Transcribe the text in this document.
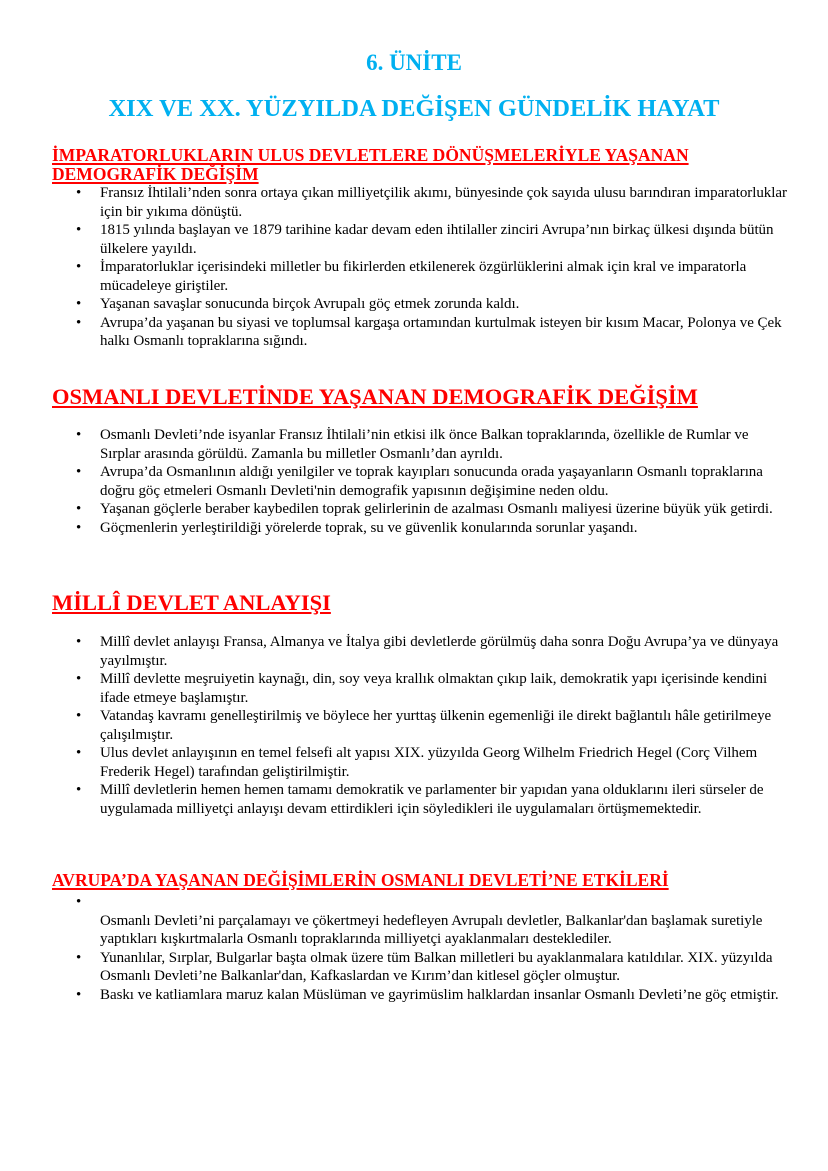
6. ÜNİTE
XIX VE XX. YÜZYILDA DEĞİŞEN GÜNDELİK HAYAT
İMPARATORLUKLARIN ULUS DEVLETLERE DÖNÜŞMELERİYLE YAŞANAN DEMOGRAFİK DEĞİŞİM
• Fransız İhtilali’nden sonra ortaya çıkan milliyetçilik akımı, bünyesinde çok sayıda ulusu barındıran imparatorluklar için bir yıkıma dönüştü.
• 1815 yılında başlayan ve 1879 tarihine kadar devam eden ihtilaller zinciri Avrupa’nın birkaç ülkesi dışında bütün ülkelere yayıldı.
• İmparatorluklar içerisindeki milletler bu fikirlerden etkilenerek özgürlüklerini almak için kral ve imparatorla mücadeleye giriştiler.
• Yaşanan savaşlar sonucunda birçok Avrupalı göç etmek zorunda kaldı.
• Avrupa’da yaşanan bu siyasi ve toplumsal kargaşa ortamından kurtulmak isteyen bir kısım Macar, Polonya ve Çek halkı Osmanlı topraklarına sığındı.
OSMANLI DEVLETİNDE YAŞANAN DEMOGRAFİK DEĞİŞİM
• Osmanlı Devleti’nde isyanlar Fransız İhtilali’nin etkisi ilk önce Balkan topraklarında, özellikle de Rumlar ve Sırplar arasında görüldü. Zamanla bu milletler Osmanlı’dan ayrıldı.
• Avrupa’da Osmanlının aldığı yenilgiler ve toprak kayıpları sonucunda orada yaşayanların Osmanlı topraklarına doğru göç etmeleri Osmanlı Devleti'nin demografik yapısının değişimine neden oldu.
• Yaşanan göçlerle beraber kaybedilen toprak gelirlerinin de azalması Osmanlı maliyesi üzerine büyük yük getirdi.
• Göçmenlerin yerleştirildiği yörelerde toprak, su ve güvenlik konularında sorunlar yaşandı.
MİLLÎ DEVLET ANLAYIŞI
• Millî devlet anlayışı Fransa, Almanya ve İtalya gibi devletlerde görülmüş daha sonra Doğu Avrupa’ya ve dünyaya yayılmıştır.
• Millî devlette meşruiyetin kaynağı, din, soy veya krallık olmaktan çıkıp laik, demokratik yapı içerisinde kendini ifade etmeye başlamıştır.
• Vatandaş kavramı genelleştirilmiş ve böylece her yurttaş ülkenin egemenliği ile direkt bağlantılı hâle getirilmeye çalışılmıştır.
• Ulus devlet anlayışının en temel felsefi alt yapısı XIX. yüzyılda Georg Wilhelm Friedrich Hegel (Corç Vilhem Frederik Hegel) tarafından geliştirilmiştir.
• Millî devletlerin hemen hemen tamamı demokratik ve parlamenter bir yapıdan yana olduklarını ileri sürseler de uygulamada milliyetçi anlayışı devam ettirdikleri için söyledikleri ile uygulamaları örtüşmemektedir.
AVRUPA’DA YAŞANAN DEĞİŞİMLERİN OSMANLI DEVLETİ’NE ETKİLERİ
•
Osmanlı Devleti’ni parçalamayı ve çökertmeyi hedefleyen Avrupalı devletler, Balkanlar'dan başlamak suretiyle yaptıkları kışkırtmalarla Osmanlı topraklarında milliyetçi ayaklanmaları desteklediler.
• Yunanlılar, Sırplar, Bulgarlar başta olmak üzere tüm Balkan milletleri bu ayaklanmalara katıldılar. XIX. yüzyılda Osmanlı Devleti’ne Balkanlar'dan, Kafkaslardan ve Kırım’dan kitlesel göçler olmuştur.
• Baskı ve katliamlara maruz kalan Müslüman ve gayrimüslim halklardan insanlar Osmanlı Devleti’ne göç etmiştir.
